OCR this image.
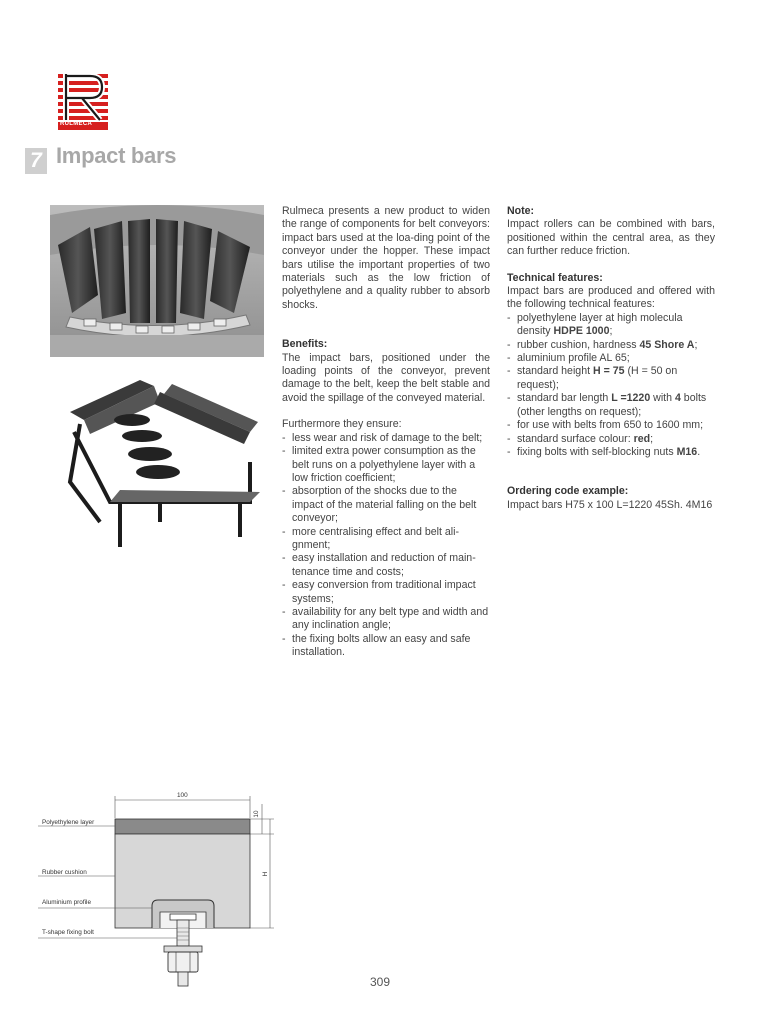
RULMECA
7 Impact bars

Rulmeca presents a new product to widen the range of components for belt conveyors: impact bars used at the loa-ding point of the conveyor under the hopper. These impact bars utilise the important properties of two materials such as the low friction of polyethylene and a quality rubber to absorb shocks.

Benefits:

The impact bars, positioned under the loading points of the conveyor, prevent damage to the belt, keep the belt stable and avoid the spillage of the conveyed material.

Furthermore they ensure:

- less wear and risk of damage to the belt;
- limited extra power consumption as the belt runs on a polyethylene layer with a low friction coefficient;
- absorption of the shocks due to the impact of the material falling on the belt conveyor;
- more centralising effect and belt ali-gnment;
- easy installation and reduction of main-tenance time and costs;
- easy conversion from traditional impact systems;
- availability for any belt type and width and any inclination angle;
- the fixing bolts allow an easy and safe installation.

Note:

Impact rollers can be combined with bars, positioned within the central area, as they can further reduce friction.

Technical features:

Impact bars are produced and offered with the following technical features:

- polyethylene layer at high molecula density HDPE 1000;
- rubber cushion, hardness 45 Shore A;
- aluminium profile AL 65;
- standard height H = 75 (H = 50 on request);
- standard bar length L =1220 with 4 bolts (other lengths on request);
- for use with belts from 650 to 1600 mm;
- standard surface colour: red;
- fixing bolts with self-blocking nuts M16.

Ordering code example:

Impact bars H75 x 100 L=1220 45Sh. 4M16

100
10
H
Polyethylene layer
Rubber cushion
Aluminium profile
T-shape fixing bolt
309
